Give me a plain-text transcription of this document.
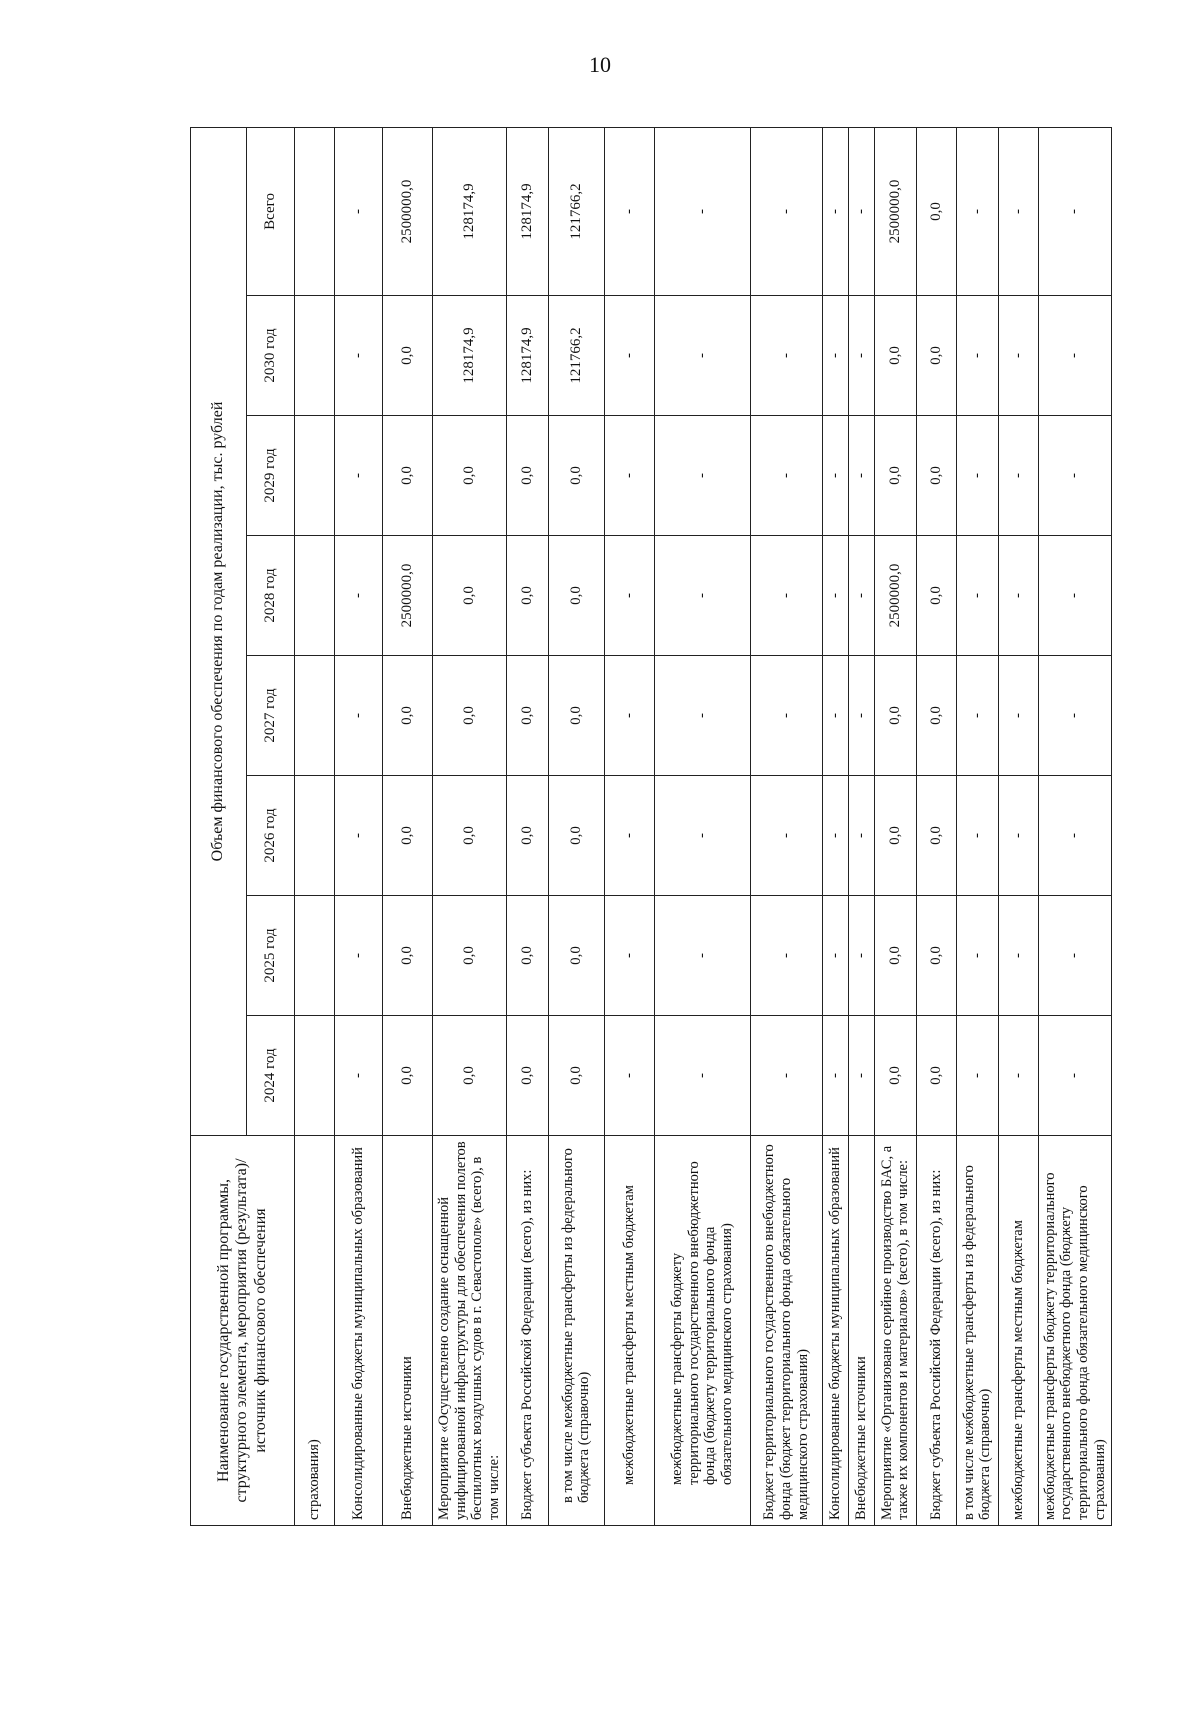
10
Наименование государственной программы, структурного элемента, мероприятия (результата)/источник финансового обеспечения	Объем финансового обеспечения по годам реализации, тыс. рублей							
	2024 год	2025 год	2026 год	2027 год	2028 год	2029 год	2030 год	Всего
страхования)								
Консолидированные бюджеты муниципальных образований	-	-	-	-	-	-	-	-
Внебюджетные источники	0,0	0,0	0,0	0,0	2500000,0	0,0	0,0	2500000,0
Мероприятие «Осуществлено создание оснащенной унифицированной инфраструктуры для обеспечения полетов беспилотных воздушных судов в г. Севастополе» (всего), в том числе:	0,0	0,0	0,0	0,0	0,0	0,0	128174,9	128174,9
Бюджет субъекта Российской Федерации (всего), из них:	0,0	0,0	0,0	0,0	0,0	0,0	128174,9	128174,9
в том числе межбюджетные трансферты из федерального бюджета (справочно)	0,0	0,0	0,0	0,0	0,0	0,0	121766,2	121766,2
межбюджетные трансферты местным бюджетам	-	-	-	-	-	-	-	-
межбюджетные трансферты бюджету территориального государственного внебюджетного фонда (бюджету территориального фонда обязательного медицинского страхования)	-	-	-	-	-	-	-	-
Бюджет территориального государственного внебюджетного фонда (бюджет территориального фонда обязательного медицинского страхования)	-	-	-	-	-	-	-	-
Консолидированные бюджеты муниципальных образований	-	-	-	-	-	-	-	-
Внебюджетные источники	-	-	-	-	-	-	-	-
Мероприятие «Организовано серийное производство БАС, а также их компонентов и материалов» (всего), в том числе:	0,0	0,0	0,0	0,0	2500000,0	0,0	0,0	2500000,0
Бюджет субъекта Российской Федерации (всего), из них:	0,0	0,0	0,0	0,0	0,0	0,0	0,0	0,0
в том числе межбюджетные трансферты из федерального бюджета (справочно)	-	-	-	-	-	-	-	-
межбюджетные трансферты местным бюджетам	-	-	-	-	-	-	-	-
межбюджетные трансферты бюджету территориального государственного внебюджетного фонда (бюджету территориального фонда обязательного медицинского страхования)	-	-	-	-	-	-	-	-
